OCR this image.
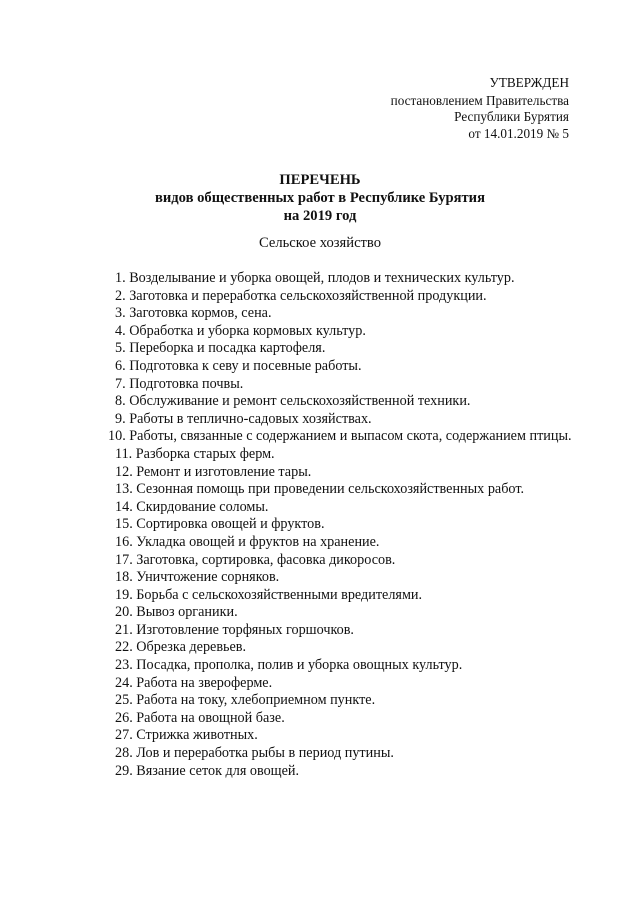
УТВЕРЖДЕН
постановлением Правительства
Республики Бурятия
от 14.01.2019 № 5
ПЕРЕЧЕНЬ
видов общественных работ в Республике Бурятия
на 2019 год
Сельское хозяйство
1. Возделывание и уборка овощей, плодов и технических культур.
2. Заготовка и переработка сельскохозяйственной продукции.
3. Заготовка кормов, сена.
4. Обработка и уборка кормовых культур.
5. Переборка и посадка картофеля.
6. Подготовка к севу и посевные работы.
7. Подготовка почвы.
8. Обслуживание и ремонт сельскохозяйственной техники.
9. Работы в теплично-садовых хозяйствах.
10. Работы, связанные с содержанием и выпасом скота, содержанием птицы.
11. Разборка старых ферм.
12. Ремонт и изготовление тары.
13. Сезонная помощь при проведении сельскохозяйственных работ.
14. Скирдование соломы.
15. Сортировка овощей и фруктов.
16. Укладка овощей и фруктов на хранение.
17. Заготовка, сортировка, фасовка дикоросов.
18. Уничтожение сорняков.
19. Борьба с сельскохозяйственными вредителями.
20. Вывоз органики.
21. Изготовление торфяных горшочков.
22. Обрезка деревьев.
23. Посадка, прополка, полив и уборка овощных культур.
24. Работа на звероферме.
25. Работа на току, хлебоприемном пункте.
26. Работа на овощной базе.
27. Стрижка животных.
28. Лов и переработка рыбы в период путины.
29. Вязание сеток для овощей.
